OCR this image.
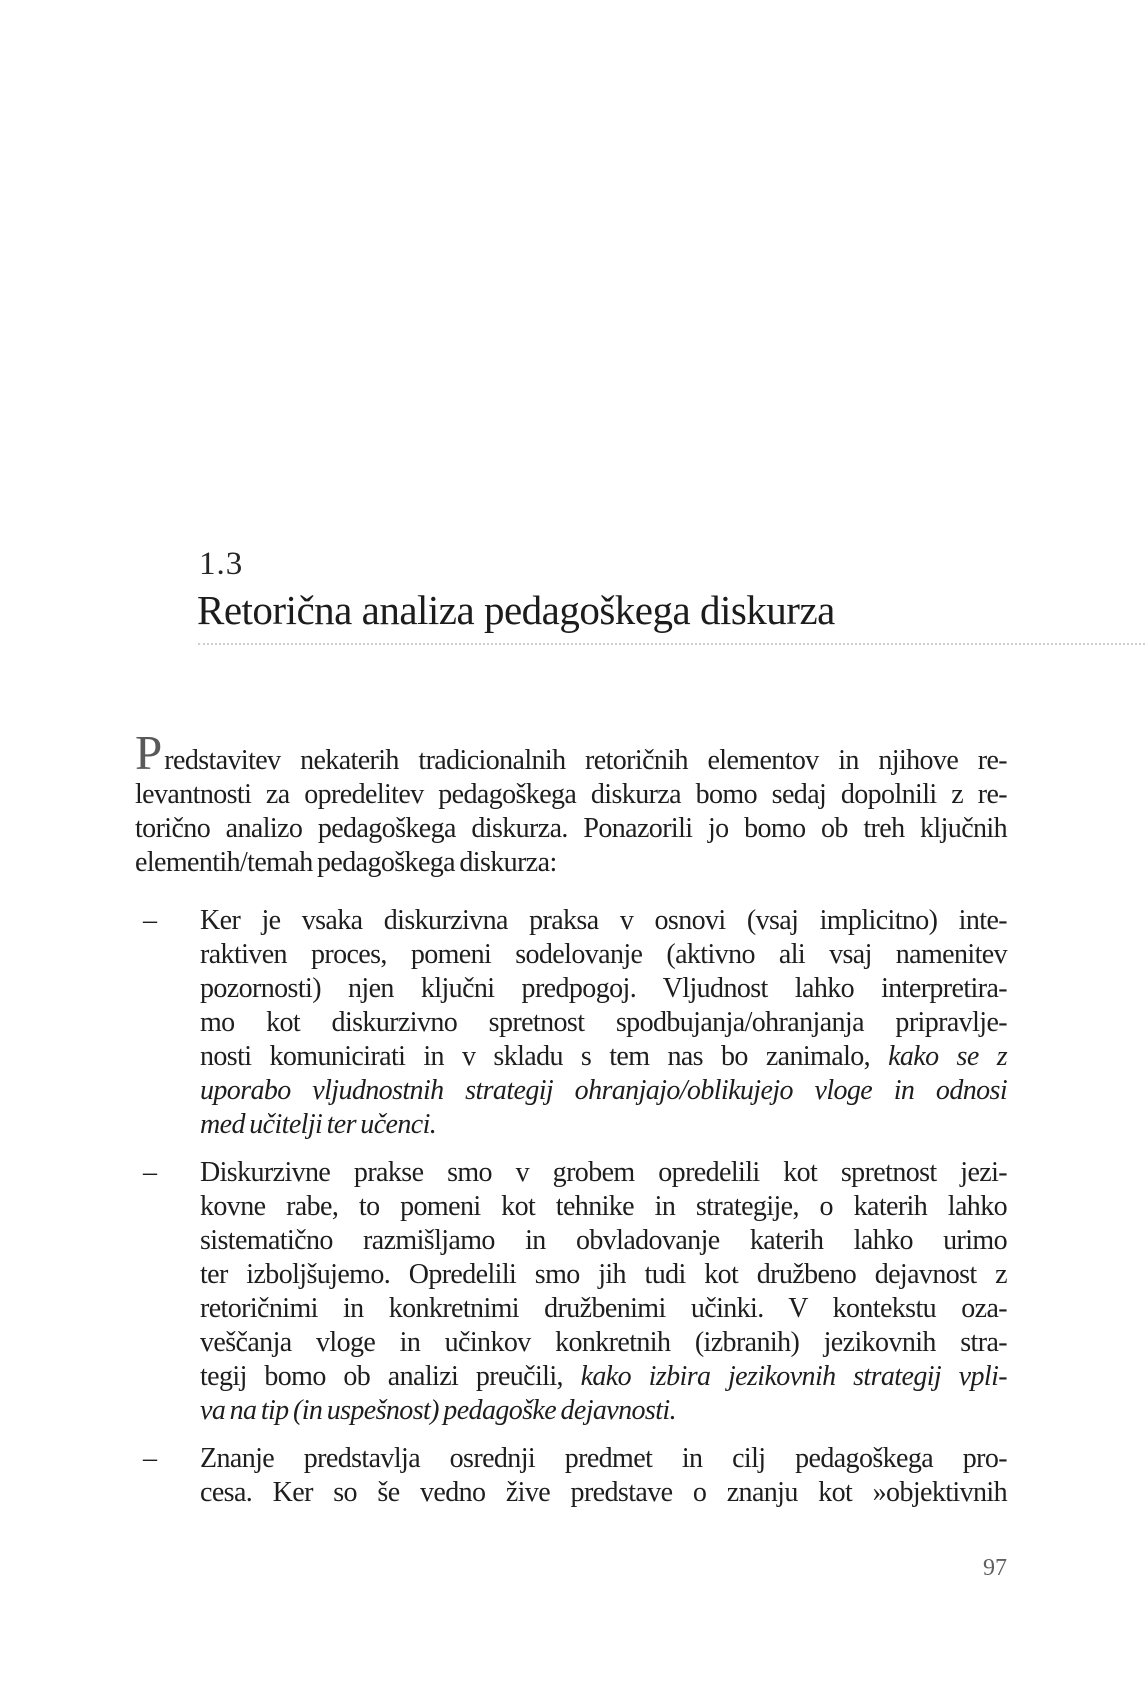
1.3
Retorična analiza pedagoškega diskurza
Predstavitev nekaterih tradicionalnih retoričnih elementov in njihove re-
levantnosti za opredelitev pedagoškega diskurza bomo sedaj dopolnili z re-
torično analizo pedagoškega diskurza. Ponazorili jo bomo ob treh ključnih
elementih/temah pedagoškega diskurza:
– Ker je vsaka diskurzivna praksa v osnovi (vsaj implicitno) inte-
raktiven proces, pomeni sodelovanje (aktivno ali vsaj namenitev
pozornosti) njen ključni predpogoj. Vljudnost lahko interpretira-
mo kot diskurzivno spretnost spodbujanja/ohranjanja pripravlje-
nosti komunicirati in v skladu s tem nas bo zanimalo, kako se z
uporabo vljudnostnih strategij ohranjajo/oblikujejo vloge in odnosi
med učitelji ter učenci.
– Diskurzivne prakse smo v grobem opredelili kot spretnost jezi-
kovne rabe, to pomeni kot tehnike in strategije, o katerih lahko
sistematično razmišljamo in obvladovanje katerih lahko urimo
ter izboljšujemo. Opredelili smo jih tudi kot družbeno dejavnost z
retoričnimi in konkretnimi družbenimi učinki. V kontekstu oza-
veščanja vloge in učinkov konkretnih (izbranih) jezikovnih stra-
tegij bomo ob analizi preučili, kako izbira jezikovnih strategij vpli-
va na tip (in uspešnost) pedagoške dejavnosti.
– Znanje predstavlja osrednji predmet in cilj pedagoškega pro-
cesa. Ker so še vedno žive predstave o znanju kot »objektivnih
97
